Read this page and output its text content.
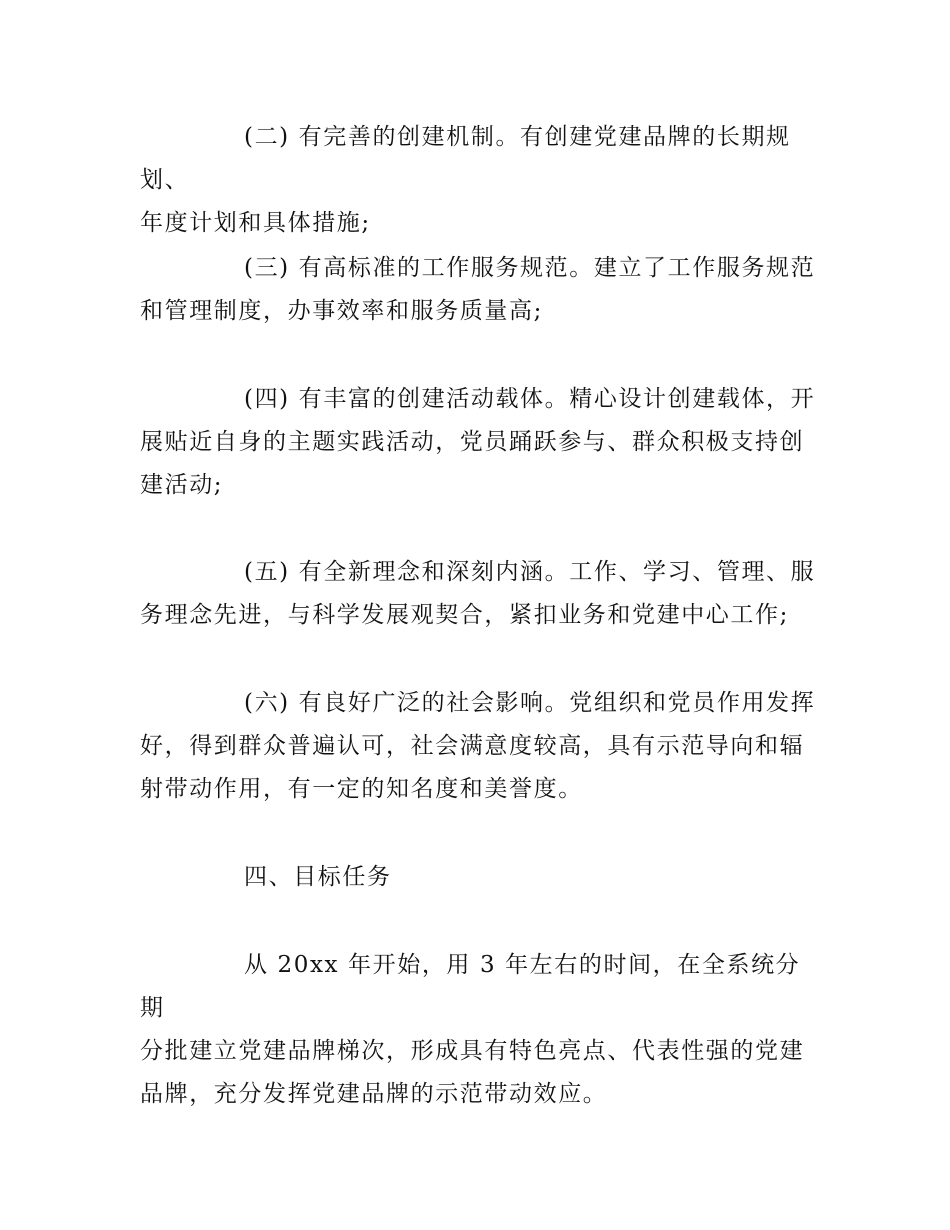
(二) 有完善的创建机制。有创建党建品牌的长期规划、
年度计划和具体措施;

(三) 有高标准的工作服务规范。建立了工作服务规范
和管理制度，办事效率和服务质量高;

(四) 有丰富的创建活动载体。精心设计创建载体，开
展贴近自身的主题实践活动，党员踊跃参与、群众积极支持创
建活动;

(五) 有全新理念和深刻内涵。工作、学习、管理、服
务理念先进，与科学发展观契合，紧扣业务和党建中心工作;

(六) 有良好广泛的社会影响。党组织和党员作用发挥
好，得到群众普遍认可，社会满意度较高，具有示范导向和辐
射带动作用，有一定的知名度和美誉度。

四、目标任务

从 20xx 年开始，用 3 年左右的时间，在全系统分期
分批建立党建品牌梯次，形成具有特色亮点、代表性强的党建
品牌，充分发挥党建品牌的示范带动效应。
